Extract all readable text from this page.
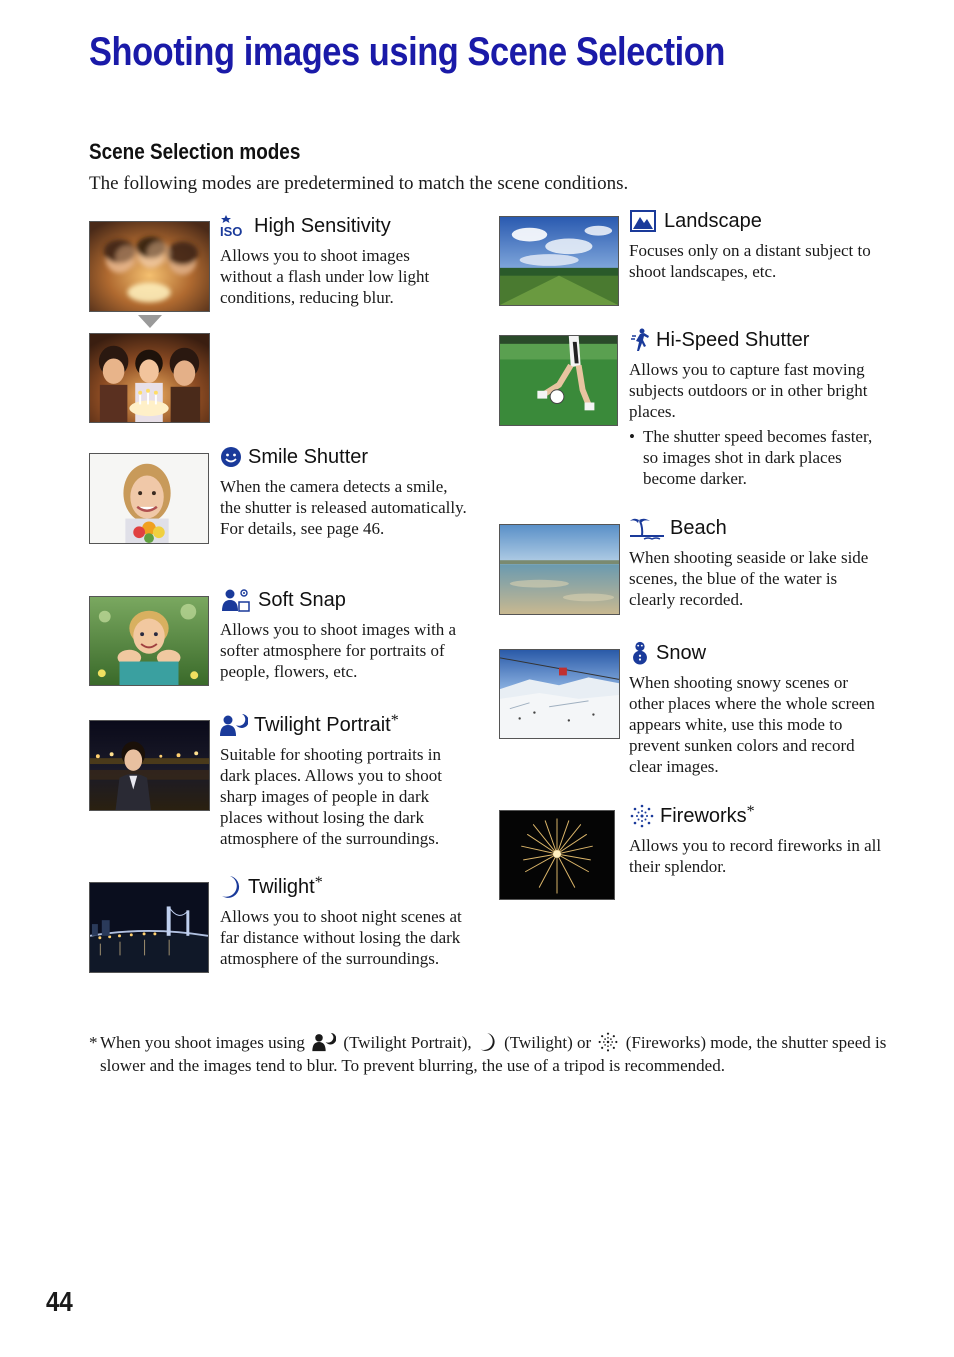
Shooting images using Scene Selection
Scene Selection modes

The following modes are predetermined to match the scene conditions.

ISO High Sensitivity

Allows you to shoot images without a flash under low light conditions, reducing blur.

Smile Shutter

When the camera detects a smile, the shutter is released automatically. For details, see page 46.

Soft Snap

Allows you to shoot images with a softer atmosphere for portraits of people, flowers, etc.

Twilight Portrait *

Suitable for shooting portraits in dark places. Allows you to shoot sharp images of people in dark places without losing the dark atmosphere of the surroundings.

Twilight *

Allows you to shoot night scenes at far distance without losing the dark atmosphere of the surroundings.

Landscape

Focuses only on a distant subject to shoot landscapes, etc.

Hi-Speed Shutter

Allows you to capture fast moving subjects outdoors or in other bright places.

• The shutter speed becomes faster, so images shot in dark places become darker.

Beach

When shooting seaside or lake side scenes, the blue of the water is clearly recorded.

Snow

When shooting snowy scenes or other places where the whole screen appears white, use this mode to prevent sunken colors and record clear images.

Fireworks *

Allows you to record fireworks in all their splendor.

* When you shoot images using (Twilight Portrait), (Twilight) or (Fireworks) mode, the shutter speed is slower and the images tend to blur. To prevent blurring, the use of a tripod is recommended.

44
